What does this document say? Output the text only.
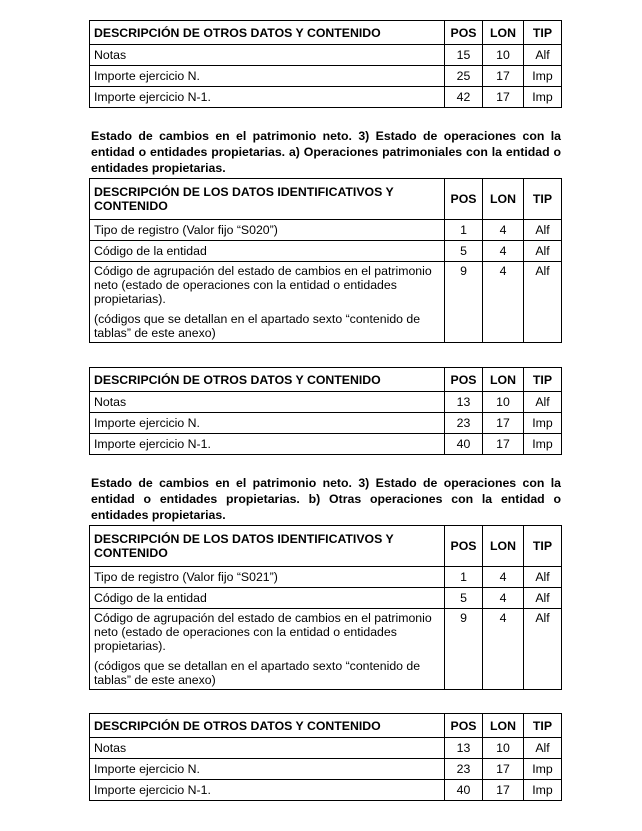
DESCRIPCIÓN DE OTROS DATOS Y CONTENIDO	POS	LON	TIP
Notas	15	10	Alf
Importe ejercicio N.	25	17	Imp
Importe ejercicio N-1.	42	17	Imp
Estado de cambios en el patrimonio neto. 3) Estado de operaciones con la entidad o entidades propietarias. a) Operaciones patrimoniales con la entidad o entidades propietarias.
DESCRIPCIÓN DE LOS DATOS IDENTIFICATIVOS Y CONTENIDO	POS	LON	TIP
Tipo de registro (Valor fijo “S020”)	1	4	Alf
Código de la entidad	5	4	Alf

Código de agrupación del estado de cambios en el patrimonio neto (estado de operaciones con la entidad o entidades propietarias).

(códigos que se detallan en el apartado sexto “contenido de tablas” de este anexo)	9	4	Alf
DESCRIPCIÓN DE OTROS DATOS Y CONTENIDO	POS	LON	TIP
Notas	13	10	Alf
Importe ejercicio N.	23	17	Imp
Importe ejercicio N-1.	40	17	Imp
Estado de cambios en el patrimonio neto. 3) Estado de operaciones con la entidad o entidades propietarias. b) Otras operaciones con la entidad o entidades propietarias.
DESCRIPCIÓN DE LOS DATOS IDENTIFICATIVOS Y CONTENIDO	POS	LON	TIP
Tipo de registro (Valor fijo “S021”)	1	4	Alf
Código de la entidad	5	4	Alf

Código de agrupación del estado de cambios en el patrimonio neto (estado de operaciones con la entidad o entidades propietarias).

(códigos que se detallan en el apartado sexto “contenido de tablas” de este anexo)	9	4	Alf
DESCRIPCIÓN DE OTROS DATOS Y CONTENIDO	POS	LON	TIP
Notas	13	10	Alf
Importe ejercicio N.	23	17	Imp
Importe ejercicio N-1.	40	17	Imp
